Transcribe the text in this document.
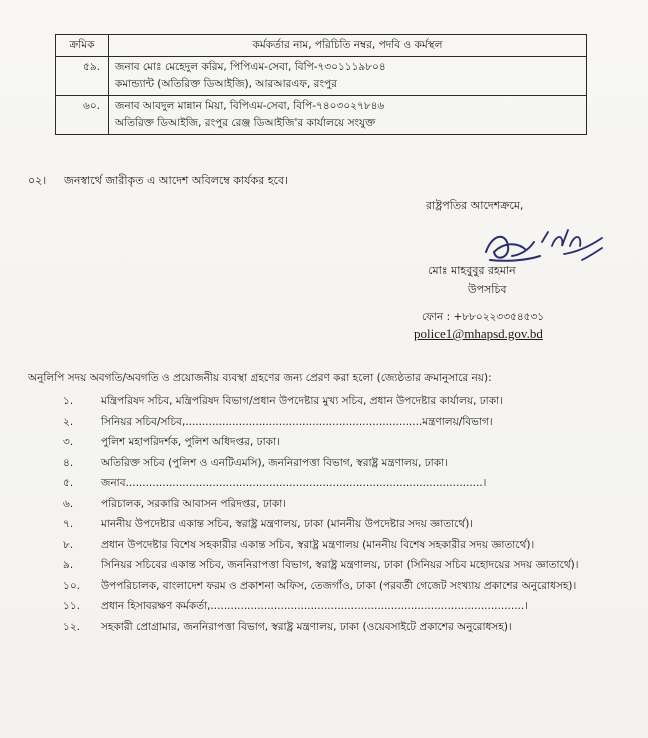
ক্রমিক	কর্মকর্তার নাম, পরিচিতি নম্বর, পদবি ও কর্মস্থল
৫৯.	জনাব মোঃ মেহেদুল করিম, পিপিএম-সেবা, বিপি-৭৩০১১১৯৮০৪
কমান্ড্যান্ট (অতিরিক্ত ডিআইজি), আরআরএফ, রংপুর

৬০.	জনাব আবদুল মান্নান মিয়া, বিপিএম-সেবা, বিপি-৭৪০৩০২৭৮৪৬
অতিরিক্ত ডিআইজি, রংপুর রেঞ্জ ডিআইজি'র কার্যালয়ে সংযুক্ত
০২। জনস্বার্থে জারীকৃত এ আদেশ অবিলম্বে কার্যকর হবে।
রাষ্ট্রপতির আদেশক্রমে,
মোঃ মাহবুবুর রহমান
উপসচিব
ফোন : +৮৮০২২৩৩৫৪৫৩১
police1@mhapsd.gov.bd
অনুলিপি সদয় অবগতি/অবগতি ও প্রয়োজনীয় ব্যবস্থা গ্রহণের জন্য প্রেরণ করা হলো (জ্যেষ্ঠতার ক্রমানুসারে নয়):
১.	মন্ত্রিপরিষদ সচিব, মন্ত্রিপরিষদ বিভাগ/প্রধান উপদেষ্টার মুখ্য সচিব, প্রধান উপদেষ্টার কার্যালয়, ঢাকা।
২.	সিনিয়র সচিব/সচিব,.......................................................................মন্ত্রণালয়/বিভাগ।
৩.	পুলিশ মহাপরিদর্শক, পুলিশ অধিদপ্তর, ঢাকা।
৪.	অতিরিক্ত সচিব (পুলিশ ও এনটিএমসি), জননিরাপত্তা বিভাগ, স্বরাষ্ট্র মন্ত্রণালয়, ঢাকা।
৫.	জনাব...........................................................................................................।
৬.	পরিচালক, সরকারি আবাসন পরিদপ্তর, ঢাকা।
৭.	মাননীয় উপদেষ্টার একান্ত সচিব, স্বরাষ্ট্র মন্ত্রণালয়, ঢাকা (মাননীয় উপদেষ্টার সদয় জ্ঞাতার্থে)।
৮.	প্রধান উপদেষ্টার বিশেষ সহকারীর একান্ত সচিব, স্বরাষ্ট্র মন্ত্রণালয় (মাননীয় বিশেষ সহকারীর সদয় জ্ঞাতার্থে)।
৯.	সিনিয়র সচিবের একান্ত সচিব, জননিরাপত্তা বিভাগ, স্বরাষ্ট্র মন্ত্রণালয়, ঢাকা (সিনিয়র সচিব মহোদয়ের সদয় জ্ঞাতার্থে)।
১০. উপপরিচালক, বাংলাদেশ ফরম ও প্রকাশনা অফিস, তেজগাঁও, ঢাকা (পরবর্তী গেজেট সংখ্যায় প্রকাশের অনুরোধসহ)।
১১. প্রধান হিসাবরক্ষণ কর্মকর্তা,..............................................................................................।
১২. সহকারী প্রোগ্রামার, জননিরাপত্তা বিভাগ, স্বরাষ্ট্র মন্ত্রণালয়, ঢাকা (ওয়েবসাইটে প্রকাশের অনুরোধসহ)।
